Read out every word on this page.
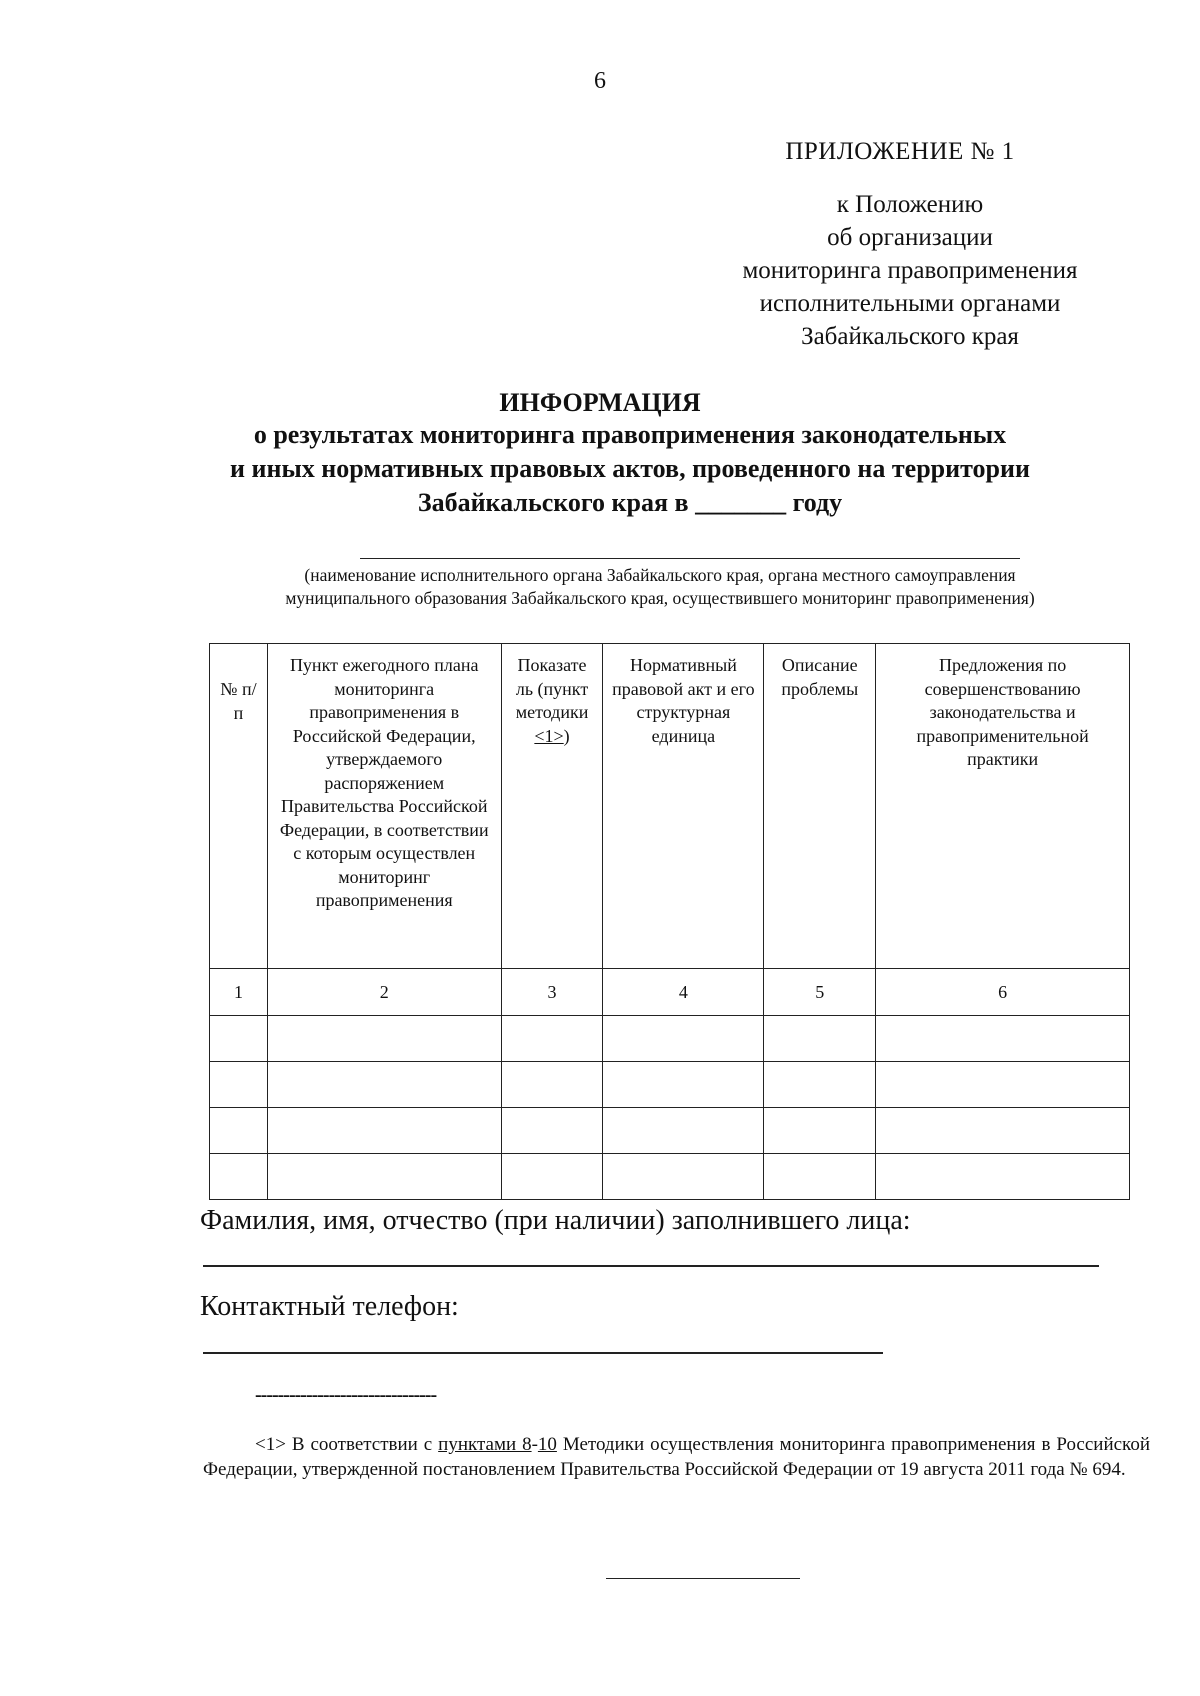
6
ПРИЛОЖЕНИЕ № 1
к Положению
об организации
мониторинга правоприменения
исполнительными органами
Забайкальского края
ИНФОРМАЦИЯ
о результатах мониторинга правоприменения законодательных
и иных нормативных правовых актов, проведенного на территории
Забайкальского края в _______ году
(наименование исполнительного органа Забайкальского края, органа местного самоуправления
муниципального образования Забайкальского края, осуществившего мониторинг правоприменения)
№ п/п	Пункт ежегодного плана мониторинга правоприменения в Российской Федерации, утверждаемого распоряжением Правительства Российской Федерации, в соответствии с которым осуществлен мониторинг правоприменения	Показате ль (пункт методики <1>)	Нормативный правовой акт и его структурная единица	Описание проблемы	Предложения по совершенствованию законодательства и правоприменительной практики
1	2	3	4	5	6

Фамилия, имя, отчество (при наличии) заполнившего лица:
Контактный телефон:
--------------------------------
<1> В соответствии с пунктами 8-10 Методики осуществления мониторинга правоприменения в Российской Федерации, утвержденной постановлением Правительства Российской Федерации от 19 августа 2011 года № 694.
